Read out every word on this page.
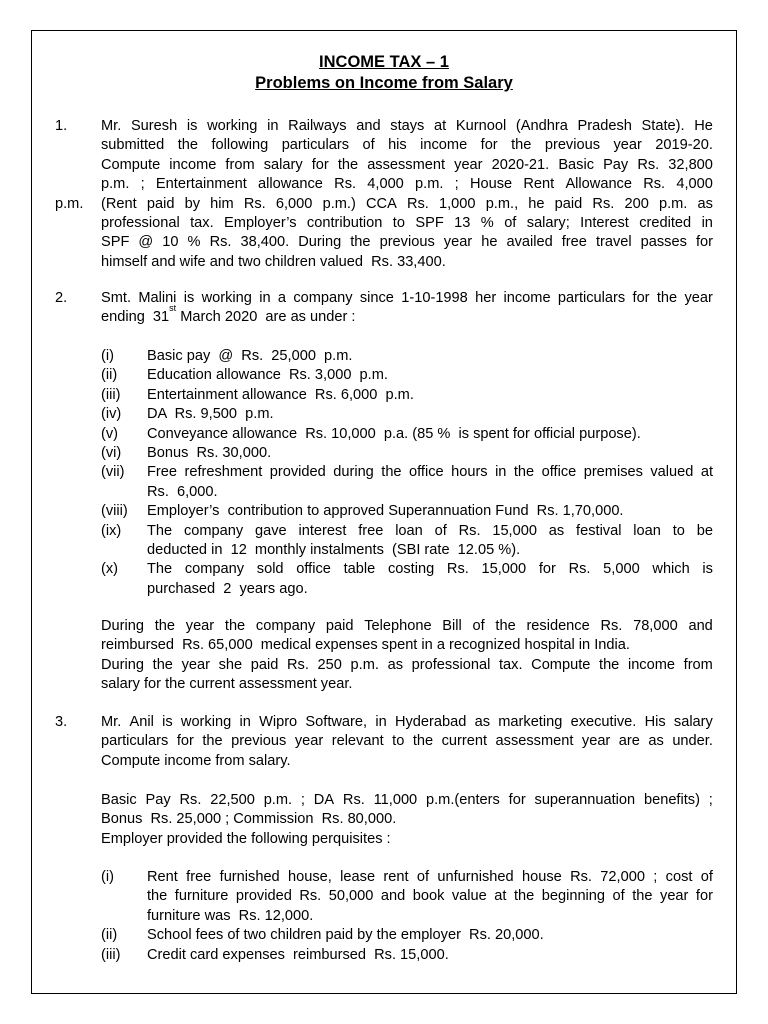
INCOME TAX – 1
Problems on Income from Salary
1.
p.m.
Mr. Suresh is working in Railways and stays at Kurnool (Andhra Pradesh State). He
submitted the following particulars of his income for the previous year 2019-20.
Compute income from salary for the assessment year 2020-21. Basic Pay Rs. 32,800
p.m. ; Entertainment allowance Rs. 4,000 p.m. ; House Rent Allowance Rs. 4,000
(Rent paid by him Rs. 6,000 p.m.) CCA Rs. 1,000 p.m., he paid Rs. 200 p.m. as
professional tax. Employer’s contribution to SPF 13 % of salary; Interest credited in
SPF @ 10 % Rs. 38,400. During the previous year he availed free travel passes for
himself and wife and two children valued  Rs. 33,400.
2. Smt. Malini is working in a company since 1-10-1998 her income particulars for the year
ending  31
st
March 2020  are as under :
(i) Basic pay  @  Rs.  25,000  p.m.
(ii) Education allowance  Rs. 3,000  p.m.
(iii) Entertainment allowance  Rs. 6,000  p.m.
(iv) DA  Rs. 9,500  p.m.
(v) Conveyance allowance  Rs. 10,000  p.a. (85 %  is spent for official purpose).
(vi) Bonus  Rs. 30,000.
(vii) Free refreshment provided during the office hours in the office premises valued at
Rs.  6,000.
(viii) Employer’s  contribution to approved Superannuation Fund  Rs. 1,70,000.
(ix) The company gave interest free loan of Rs. 15,000 as festival loan to be
deducted in  12  monthly instalments  (SBI rate  12.05 %).
(x) The company sold office table costing Rs. 15,000 for Rs. 5,000 which is
purchased  2  years ago.
During the year the company paid Telephone Bill of the residence Rs. 78,000 and
reimbursed  Rs. 65,000  medical expenses spent in a recognized hospital in India.
During the year she paid Rs. 250 p.m. as professional tax. Compute the income from
salary for the current assessment year.
3. Mr. Anil is working in Wipro Software, in Hyderabad as marketing executive. His salary
particulars for the previous year relevant to the current assessment year are as under.
Compute income from salary.
Basic Pay Rs. 22,500 p.m. ; DA Rs. 11,000 p.m.(enters for superannuation benefits) ;
Bonus  Rs. 25,000 ; Commission  Rs. 80,000.
Employer provided the following perquisites :
(i) Rent free furnished house, lease rent of unfurnished house Rs. 72,000 ; cost of
the furniture provided Rs. 50,000 and book value at the beginning of the year for
furniture was  Rs. 12,000.
(ii) School fees of two children paid by the employer  Rs. 20,000.
(iii) Credit card expenses  reimbursed  Rs. 15,000.
